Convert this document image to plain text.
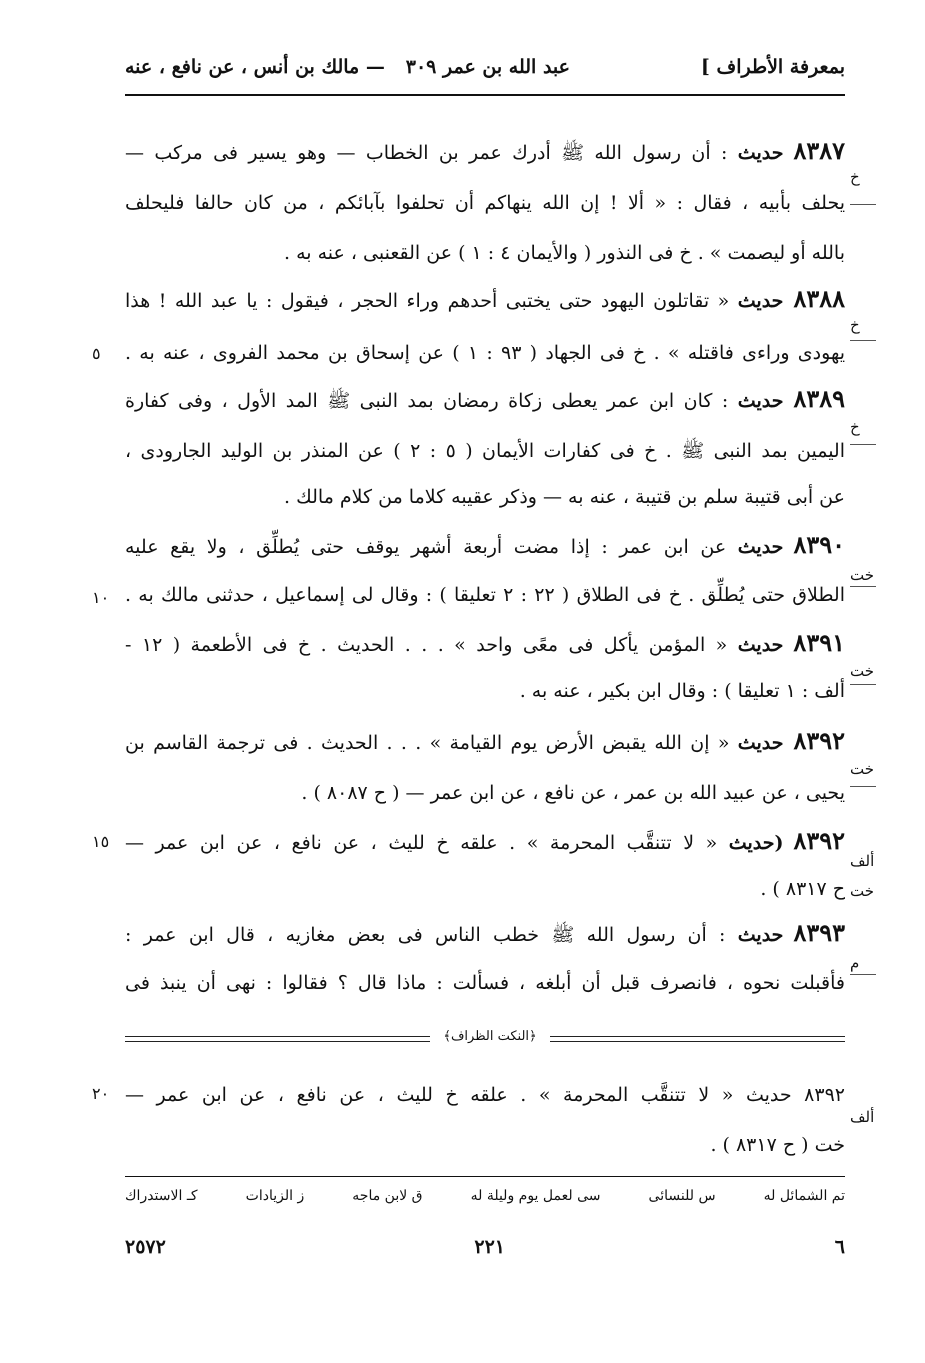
بمعرفة الأطراف ]
عبد الله بن عمر ٣٠٩
— مالك بن أنس ، عن نافع ، عنه
٨٣٨٧حديث : أن رسول الله ﷺ أدرك عمر بن الخطاب — وهو يسير فى مركب —
يحلف بأبيه ، فقال : « ألا ! إن الله ينهاكم أن تحلفوا بآبائكم ، من كان حالفا فليحلف
بالله أو ليصمت » . خ فى النذور ( والأيمان ٤ : ١ ) عن القعنبى ، عنه به .
٨٣٨٨حديث « تقاتلون اليهود حتى يختبى أحدهم وراء الحجر ، فيقول : يا عبد الله ! هذا
يهودى وراءى فاقتله » . خ فى الجهاد ( ٩٣ : ١ ) عن إسحاق بن محمد الفروى ، عنه به .
٨٣٨٩حديث : كان ابن عمر يعطى زكاة رمضان بمد النبى ﷺ المد الأول ، وفى كفارة
اليمين بمد النبى ﷺ . خ فى كفارات الأيمان ( ٥ : ٢ ) عن المنذر بن الوليد الجارودى ،
عن أبى قتيبة سلم بن قتيبة ، عنه به — وذكر عقيبه كلاما من كلام مالك .
٨٣٩٠حديث عن ابن عمر : إذا مضت أربعة أشهر يوقف حتى يُطلِّق ، ولا يقع عليه
الطلاق حتى يُطلِّق . خ فى الطلاق ( ٢٢ : ٢ تعليقا ) : وقال لى إسماعيل ، حدثنى مالك به .
٨٣٩١حديث « المؤمن يأكل فى معًى واحد » . . . الحديث . خ فى الأطعمة ( ١٢ -
ألف : ١ تعليقا ) : وقال ابن بكير ، عنه به .
٨٣٩٢حديث « إن الله يقبض الأرض يوم القيامة » . . . الحديث . فى ترجمة القاسم بن
يحيى ، عن عبيد الله بن عمر ، عن نافع ، عن ابن عمر — ( ح ٨٠٨٧ ) .
٨٣٩٢(حديث « لا تتنقَّب المحرمة » . علقه خ لليث ، عن نافع ، عن ابن عمر —
ح ٨٣١٧ ) .
٨٣٩٣حديث : أن رسول الله ﷺ خطب الناس فى بعض مغازيه ، قال ابن عمر :
فأقبلت نحوه ، فانصرف قبل أن أبلغه ، فسألت : ماذا قال ؟ فقالوا : نهى أن ينبذ فى
خ
خ
خ
خت
خت
خت
ألف
خت
م
ألف
٥
١٠
١٥
٢٠
﴿النكت الظراف﴾
٨٣٩٢ حديث « لا تتنقَّب المحرمة » . علقه خ لليث ، عن نافع ، عن ابن عمر —
خت ( ح ٨٣١٧ ) .
تم الشمائل له
س للنسائى
سى لعمل يوم وليلة له
ق لابن ماجه
ز الزيادات
كـ الاستدراك
٦
٢٢١
٢٥٧٢
